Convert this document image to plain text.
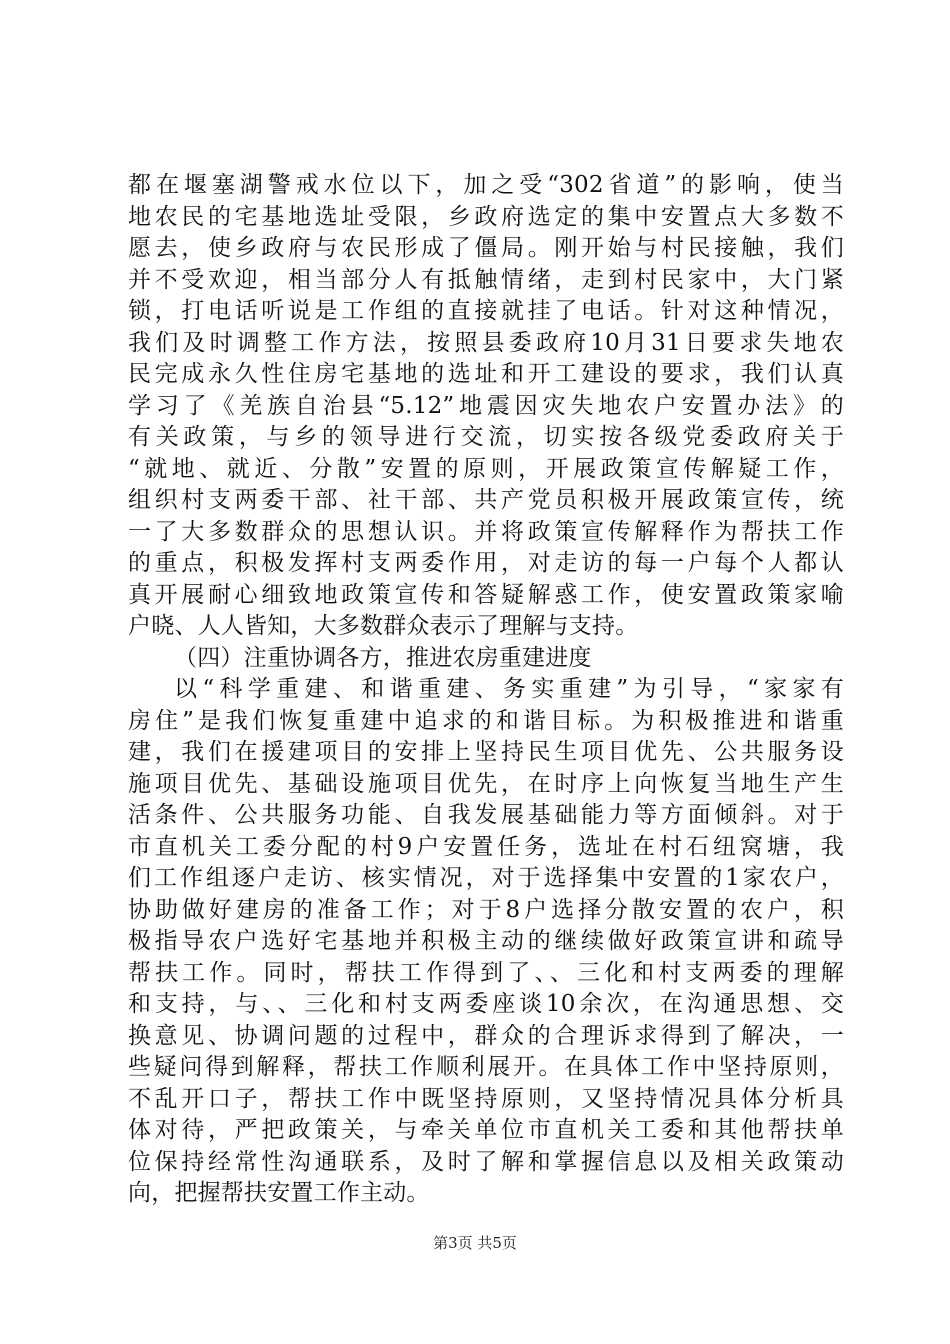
都在堰塞湖警戒水位以下，加之受“302省道”的影响，使当
地农民的宅基地选址受限，乡政府选定的集中安置点大多数不
愿去，使乡政府与农民形成了僵局。刚开始与村民接触，我们
并不受欢迎，相当部分人有抵触情绪，走到村民家中，大门紧
锁，打电话听说是工作组的直接就挂了电话。针对这种情况，
我们及时调整工作方法，按照县委政府10月31日要求失地农
民完成永久性住房宅基地的选址和开工建设的要求，我们认真
学习了《羌族自治县“5.12”地震因灾失地农户安置办法》的
有关政策，与乡的领导进行交流，切实按各级党委政府关于
“就地、就近、分散”安置的原则，开展政策宣传解疑工作，
组织村支两委干部、社干部、共产党员积极开展政策宣传，统
一了大多数群众的思想认识。并将政策宣传解释作为帮扶工作
的重点，积极发挥村支两委作用，对走访的每一户每个人都认
真开展耐心细致地政策宣传和答疑解惑工作，使安置政策家喻
户晓、人人皆知，大多数群众表示了理解与支持。
（四）注重协调各方，推进农房重建进度
以“科学重建、和谐重建、务实重建”为引导，“家家有
房住”是我们恢复重建中追求的和谐目标。为积极推进和谐重
建，我们在援建项目的安排上坚持民生项目优先、公共服务设
施项目优先、基础设施项目优先，在时序上向恢复当地生产生
活条件、公共服务功能、自我发展基础能力等方面倾斜。对于
市直机关工委分配的村9户安置任务，选址在村石纽窝塘，我
们工作组逐户走访、核实情况，对于选择集中安置的1家农户，
协助做好建房的准备工作；对于8户选择分散安置的农户，积
极指导农户选好宅基地并积极主动的继续做好政策宣讲和疏导
帮扶工作。同时，帮扶工作得到了、、三化和村支两委的理解
和支持，与、、三化和村支两委座谈10余次，在沟通思想、交
换意见、协调问题的过程中，群众的合理诉求得到了解决，一
些疑问得到解释，帮扶工作顺利展开。在具体工作中坚持原则，
不乱开口子，帮扶工作中既坚持原则，又坚持情况具体分析具
体对待，严把政策关，与牵关单位市直机关工委和其他帮扶单
位保持经常性沟通联系，及时了解和掌握信息以及相关政策动
向，把握帮扶安置工作主动。
第3页 共5页
